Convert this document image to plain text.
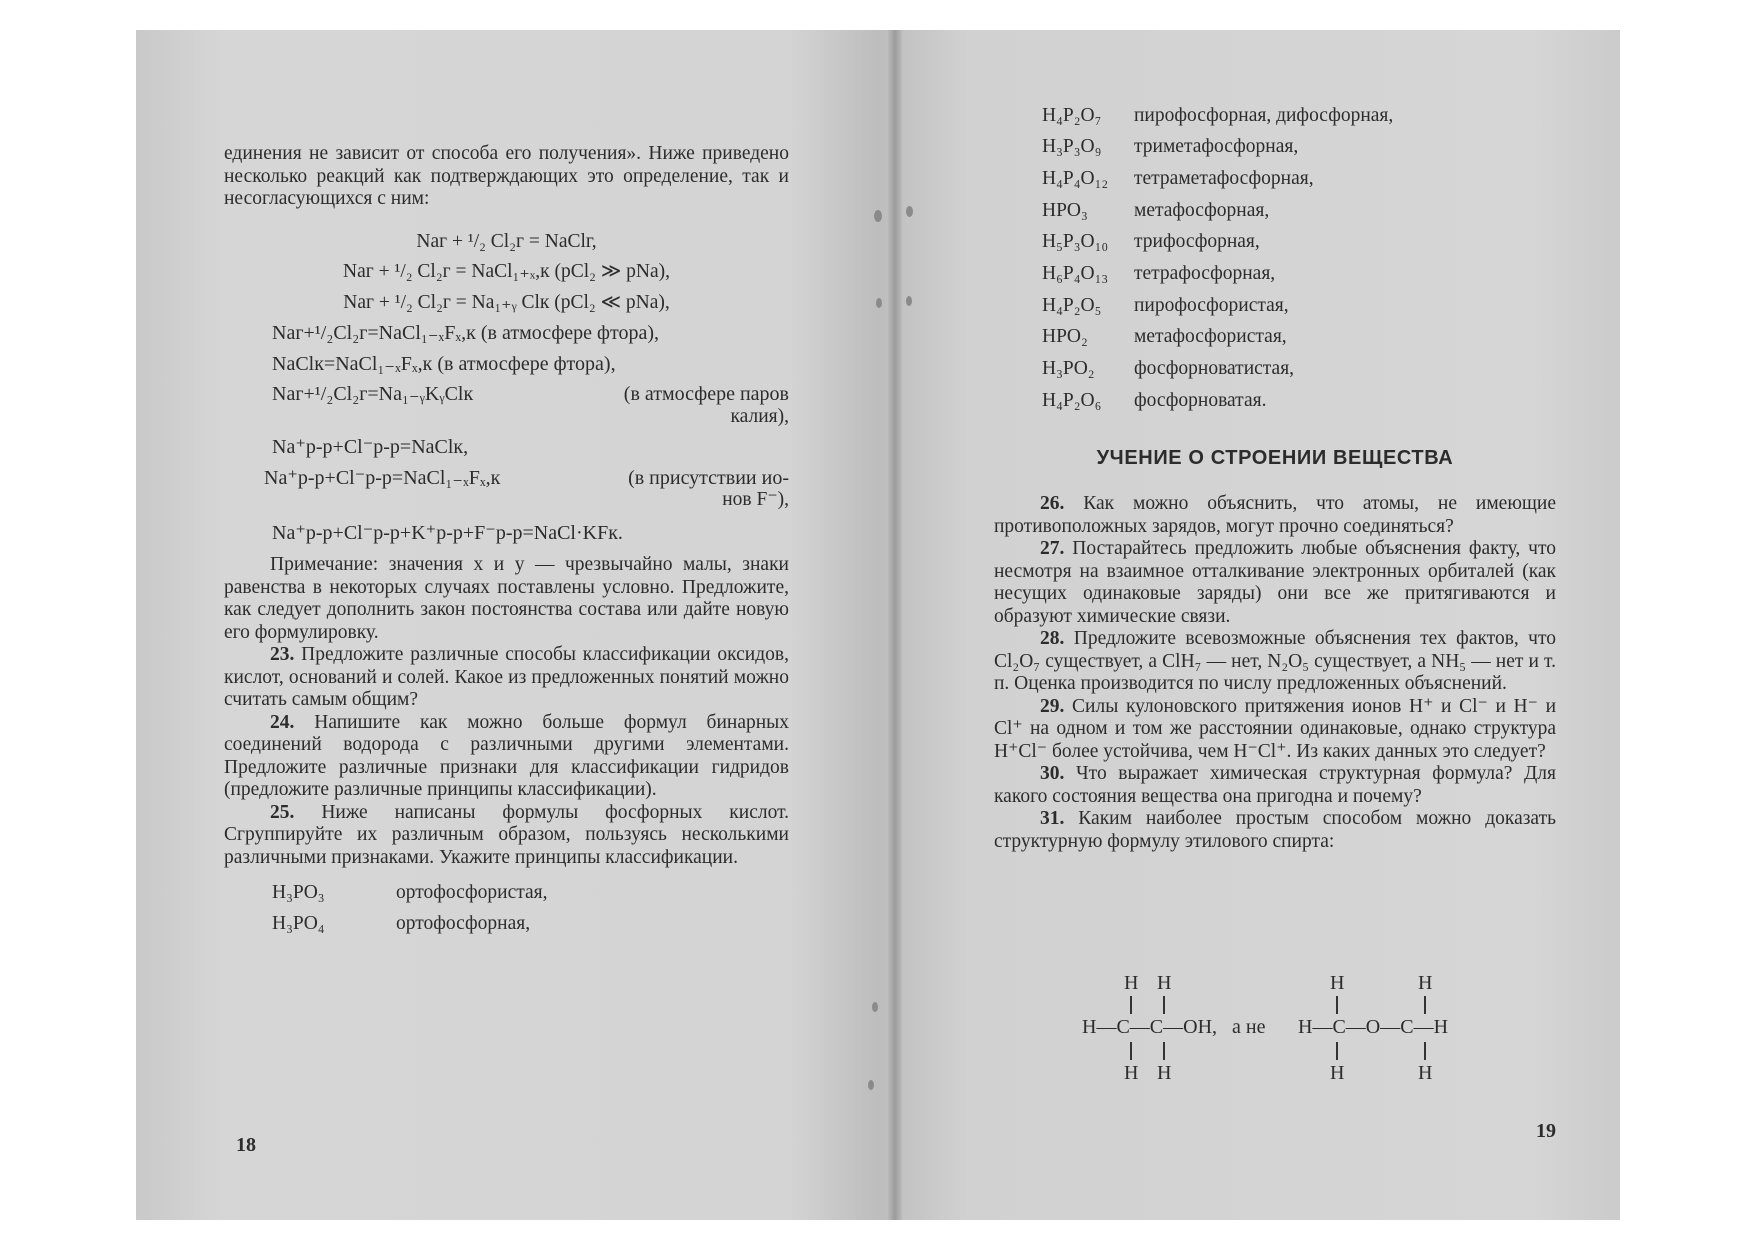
единения не зависит от способа его получения». Ниже приведено несколько реакций как подтверждающих это определение, так и несогласующихся с ним:

Naг + ¹/₂ Cl₂г = NaClг,

Naг + ¹/₂ Cl₂г = NaCl₁₊ₓ,к (pCl₂ ≫ pNa),

Naг + ¹/₂ Cl₂г = Na₁₊ᵧ Clк (pCl₂ ≪ pNa),

Naг+¹/₂Cl₂г=NaCl₁₋ₓFₓ,к (в атмосфере фтора),

NaClк=NaCl₁₋ₓFₓ,к (в атмосфере фтора),

Naг+¹/₂Cl₂г=Na₁₋ᵧKᵧClк	(в атмосфере паров

калия),

Na⁺р-р+Cl⁻р-р=NaClк,

Na⁺р-р+Cl⁻р-р=NaCl₁₋ₓFₓ,к	(в присутствии ио-

нов F⁻),

Na⁺р-р+Cl⁻р-р+K⁺р-р+F⁻р-р=NaCl·KFк.

Примечание: значения x и y — чрезвычайно малы, знаки равенства в некоторых случаях поставлены условно. Предложите, как следует дополнить закон постоянства состава или дайте новую его формулировку.

23. Предложите различные способы классификации оксидов, кислот, оснований и солей. Какое из предложенных понятий можно считать самым общим?

24. Напишите как можно больше формул бинарных соединений водорода с различными другими элементами. Предложите различные признаки для классификации гидридов (предложите различные принципы классификации).

25. Ниже написаны формулы фосфорных кислот. Сгруппируйте их различным образом, пользуясь несколькими различными признаками. Укажите принципы классификации.

H₃PO₃	ортофосфористая,
H₃PO₄	ортофосфорная,
18
H₄P₂O₇	пирофосфорная, дифосфорная,
H₃P₃O₉	триметафосфорная,
H₄P₄O₁₂	тетраметафосфорная,
HPO₃	метафосфорная,
H₅P₃O₁₀	трифосфорная,
H₆P₄O₁₃	тетрафосфорная,
H₄P₂O₅	пирофосфористая,
HPO₂	метафосфористая,
H₃PO₂	фосфорноватистая,
H₄P₂O₆	фосфорноватая.
УЧЕНИЕ О СТРОЕНИИ ВЕЩЕСТВА

26. Как можно объяснить, что атомы, не имеющие противоположных зарядов, могут прочно соединяться?

27. Постарайтесь предложить любые объяснения факту, что несмотря на взаимное отталкивание электронных орбиталей (как несущих одинаковые заряды) они все же притягиваются и образуют химические связи.

28. Предложите всевозможные объяснения тех фактов, что Cl₂O₇ существует, а ClH₇ — нет, N₂O₅ существует, а NH₅ — нет и т. п. Оценка производится по числу предложенных объяснений.

29. Силы кулоновского притяжения ионов H⁺ и Cl⁻ и H⁻ и Cl⁺ на одном и том же расстоянии одинаковые, однако структура H⁺Cl⁻ более устойчива, чем H⁻Cl⁺. Из каких данных это следует?

30. Что выражает химическая структурная формула? Для какого состояния вещества она пригодна и почему?

31. Каким наиболее простым способом можно доказать структурную формулу этилового спирта:

H H	H	H
H—C—C—OH, а не H—C—O—C—H
H H	H	H
19
